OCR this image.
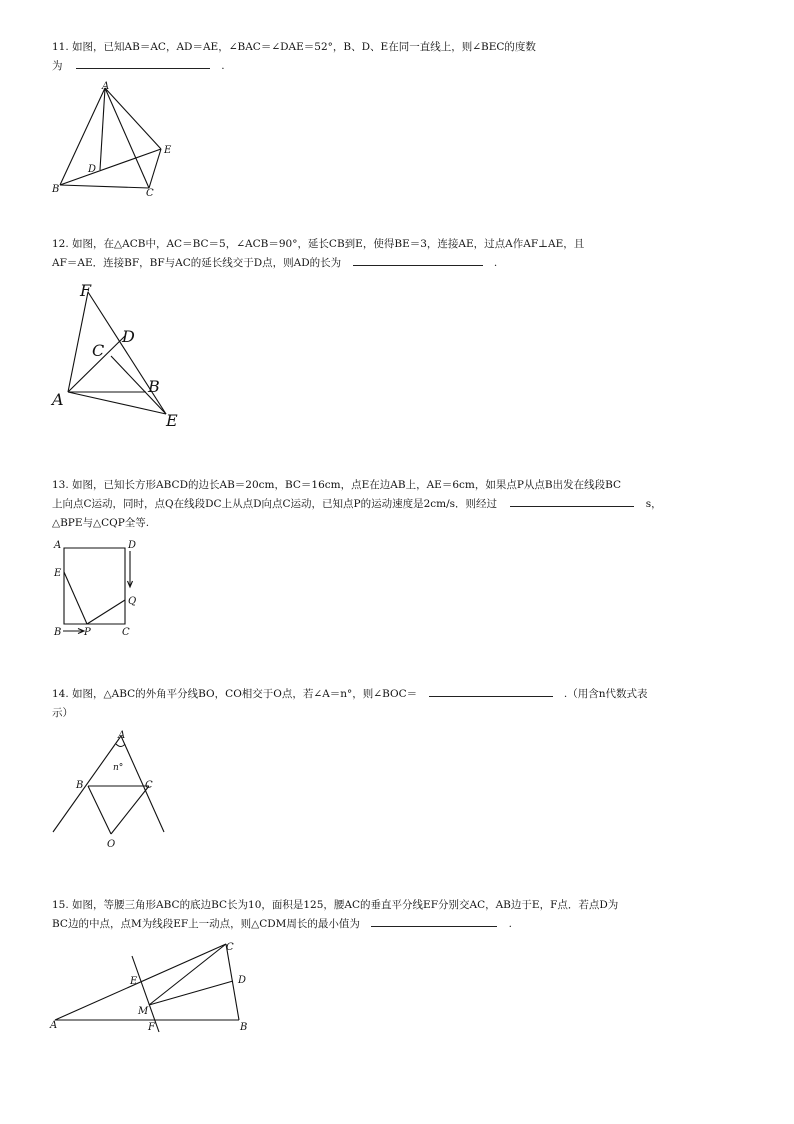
11. 如图，已知AB＝AC，AD＝AE，∠BAC＝∠DAE＝52°，B、D、E在同一直线上，则∠BEC的度数

为	.

A
B	C
D
E

12. 如图，在△ACB中，AC＝BC＝5，∠ACB＝90°，延长CB到E，使得BE＝3，连接AE，过点A作AF⊥AE，且

AF＝AE．连接BF，BF与AC的延长线交于D点，则AD的长为	.

F
A
C
D
B
E

13. 如图，已知长方形ABCD的边长AB＝20cm，BC＝16cm，点E在边AB上，AE＝6cm，如果点P从点B出发在线段BC

上向点C运动，同时，点Q在线段DC上从点D向点C运动，已知点P的运动速度是2cm/s．则经过	s，

△BPE与△CQP全等.

A	D
E
Q
B P	C

14. 如图，△ABC的外角平分线BO，CO相交于O点，若∠A＝n°，则∠BOC＝	.（用含n代数式表

示）

A
n°
B	C
O

15. 如图，等腰三角形ABC的底边BC长为10，面积是125，腰AC的垂直平分线EF分别交AC，AB边于E，F点．若点D为

BC边的中点，点M为线段EF上一动点，则△CDM周长的最小值为	.

A	B
C
D
E
F
M
